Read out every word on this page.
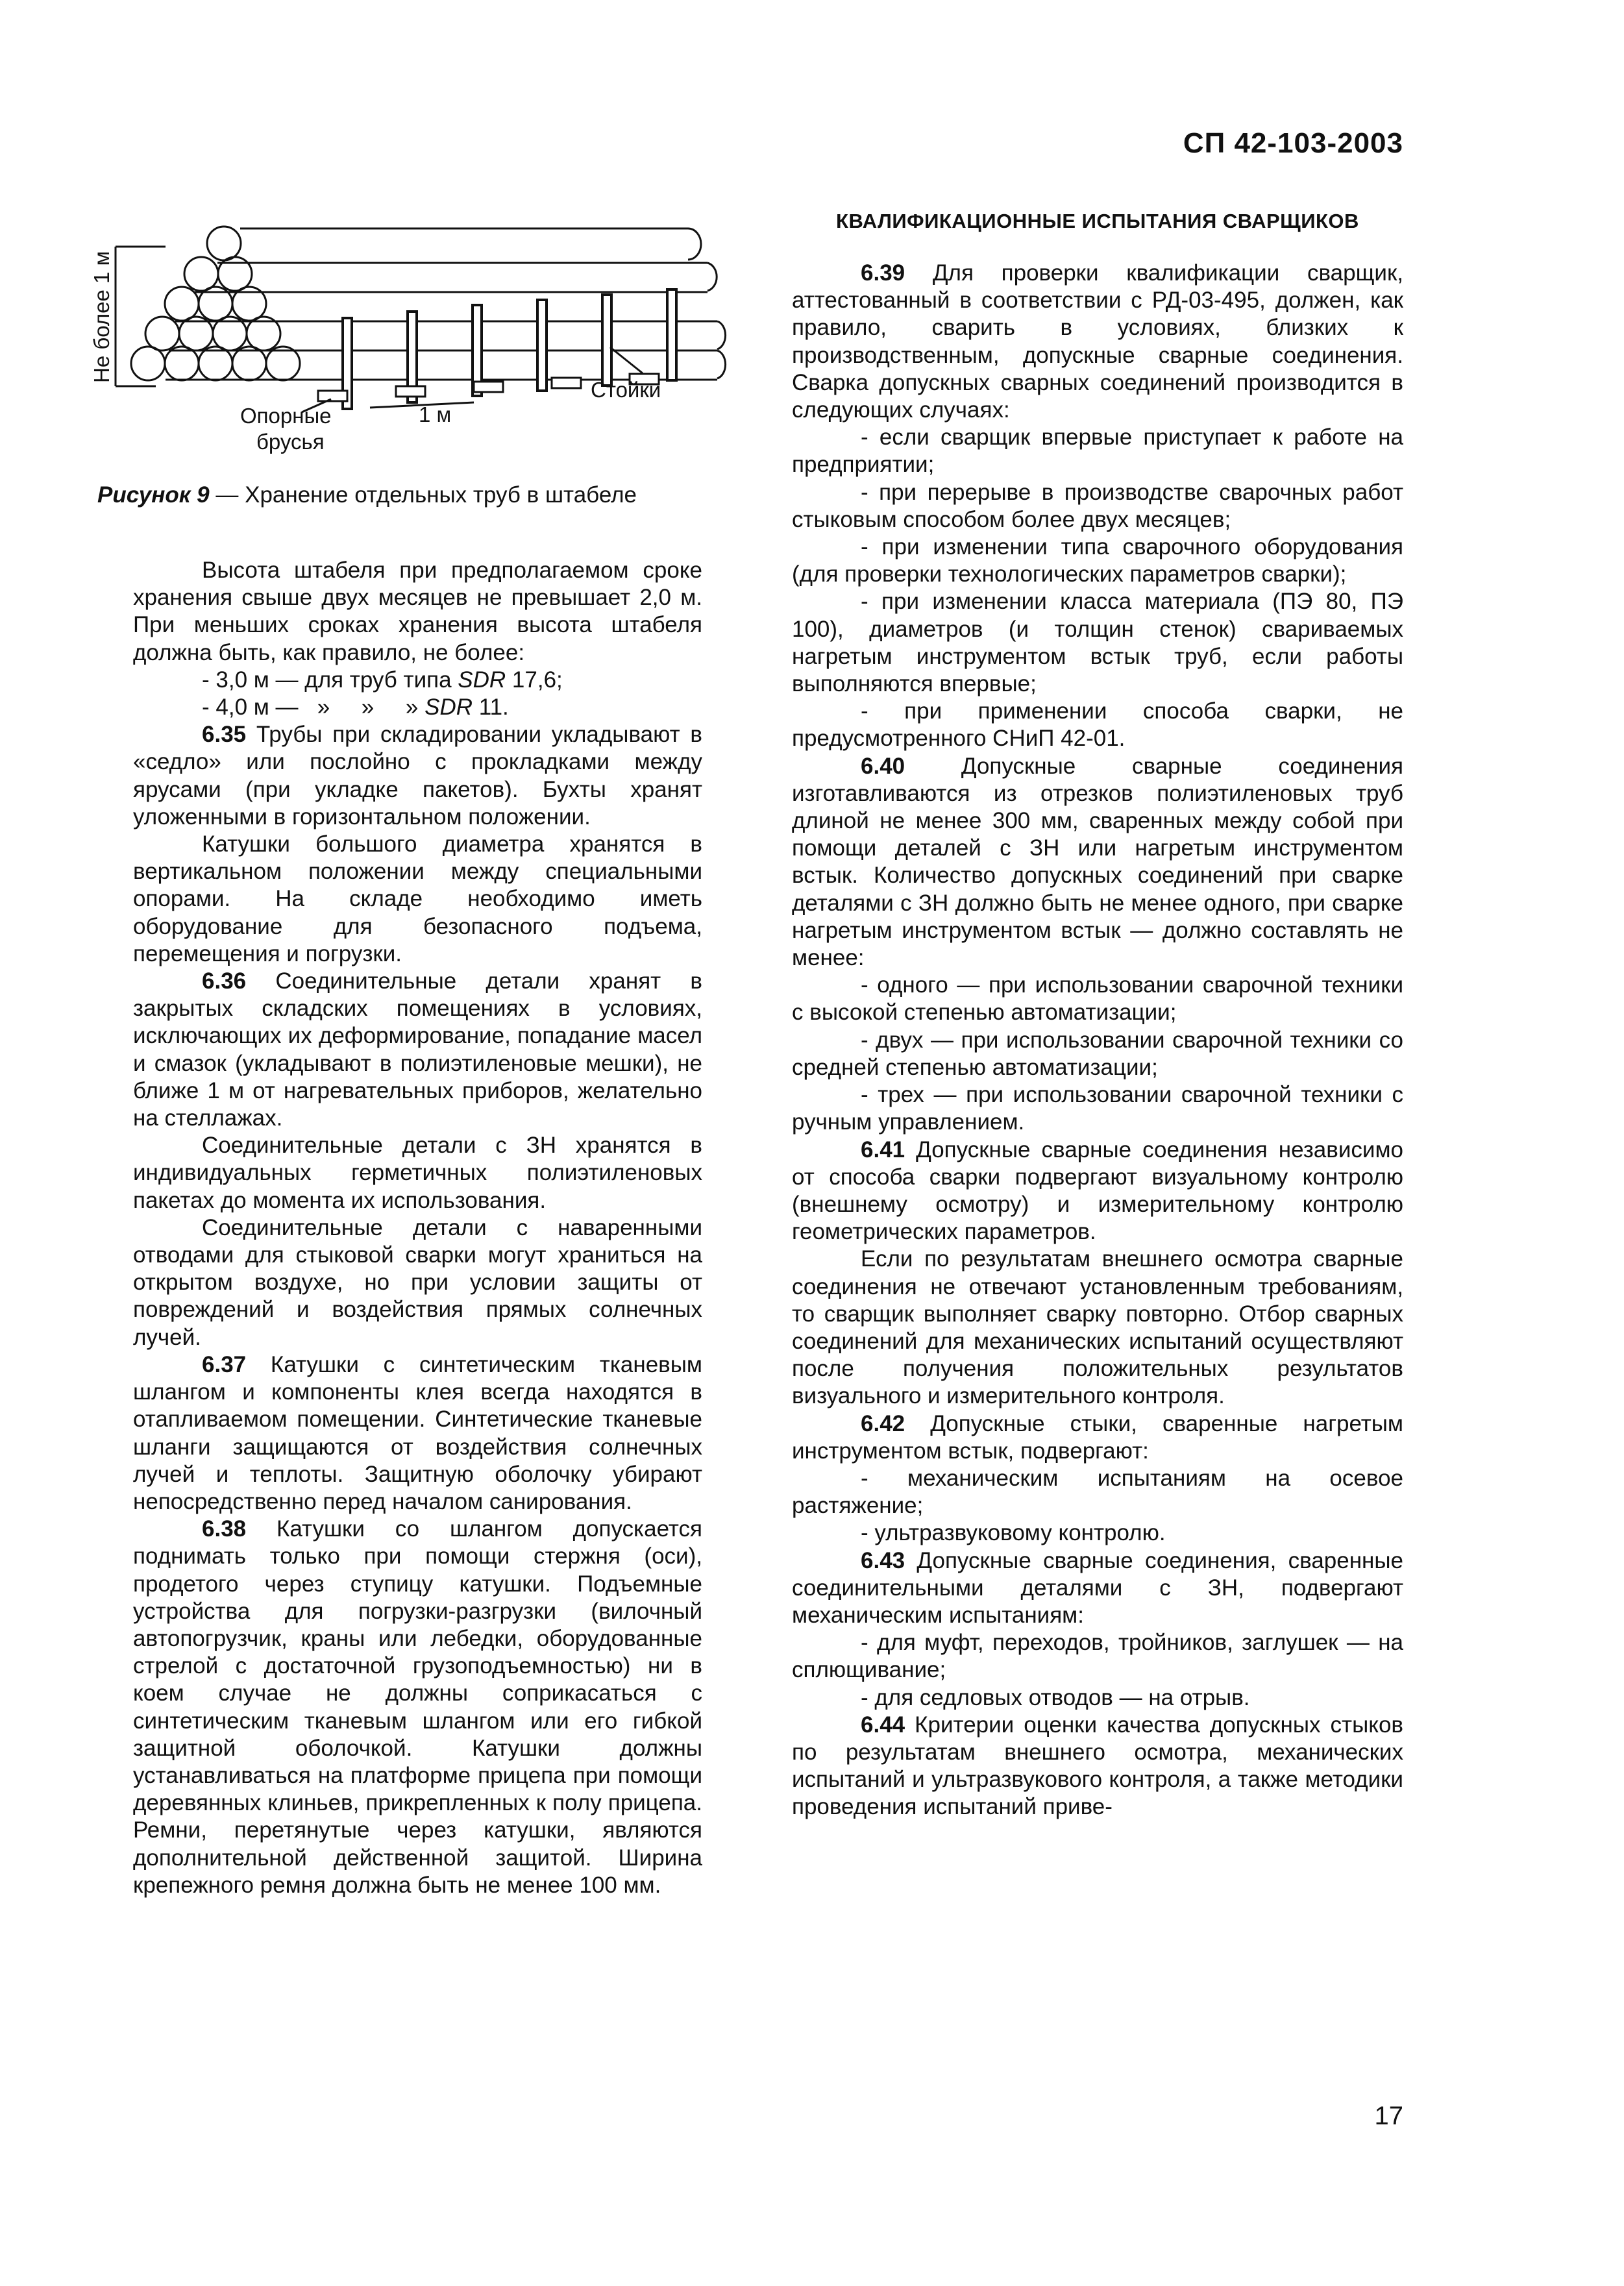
СП 42-103-2003
Не более 1 м
Опорные
брусья
1 м
Стойки
Рисунок 9 — Хранение отдельных труб в штабеле

Высота штабеля при предполагаемом сроке хранения свыше двух месяцев не превышает 2,0 м. При меньших сроках хранения высота штабеля должна быть, как правило, не более:

- 3,0 м — для труб типа SDR 17,6;

- 4,0 м —   »     »     » SDR 11.

6.35 Трубы при складировании укладывают в «седло» или послойно с прокладками между ярусами (при укладке пакетов). Бухты хранят уложенными в горизонтальном положении.

Катушки большого диаметра хранятся в вертикальном положении между специальными опорами. На складе необходимо иметь оборудование для безопасного подъема, перемещения и погрузки.

6.36 Соединительные детали хранят в закрытых складских помещениях в условиях, исключающих их деформирование, попадание масел и смазок (укладывают в полиэтиленовые мешки), не ближе 1 м от нагревательных приборов, желательно на стеллажах.

Соединительные детали с ЗН хранятся в индивидуальных герметичных полиэтиленовых пакетах до момента их использования.

Соединительные детали с наваренными отводами для стыковой сварки могут храниться на открытом воздухе, но при условии защиты от повреждений и воздействия прямых солнечных лучей.

6.37 Катушки с синтетическим тканевым шлангом и компоненты клея всегда находятся в отапливаемом помещении. Синтетические тканевые шланги защищаются от воздействия солнечных лучей и теплоты. Защитную оболочку убирают непосредственно перед началом санирования.

6.38 Катушки со шлангом допускается поднимать только при помощи стержня (оси), продетого через ступицу катушки. Подъемные устройства для погрузки-разгрузки (вилочный автопогрузчик, краны или лебедки, оборудованные стрелой с достаточной грузоподъемностью) ни в коем случае не должны соприкасаться с синтетическим тканевым шлангом или его гибкой защитной оболочкой. Катушки должны устанавливаться на платформе прицепа при помощи деревянных клиньев, прикрепленных к полу прицепа. Ремни, перетянутые через катушки, являются дополнительной действенной защитой. Ширина крепежного ремня должна быть не менее 100 мм.

КВАЛИФИКАЦИОННЫЕ ИСПЫТАНИЯ СВАРЩИКОВ

6.39 Для проверки квалификации сварщик, аттестованный в соответствии с РД-03-495, должен, как правило, сварить в условиях, близких к производственным, допускные сварные соединения. Сварка допускных сварных соединений производится в следующих случаях:

- если сварщик впервые приступает к работе на предприятии;

- при перерыве в производстве сварочных работ стыковым способом более двух месяцев;

- при изменении типа сварочного оборудования (для проверки технологических параметров сварки);

- при изменении класса материала (ПЭ 80, ПЭ 100), диаметров (и толщин стенок) свариваемых нагретым инструментом встык труб, если работы выполняются впервые;

- при применении способа сварки, не предусмотренного СНиП 42-01.

6.40 Допускные сварные соединения изготавливаются из отрезков полиэтиленовых труб длиной не менее 300 мм, сваренных между собой при помощи деталей с ЗН или нагретым инструментом встык. Количество допускных соединений при сварке деталями с ЗН должно быть не менее одного, при сварке нагретым инструментом встык — должно составлять не менее:

- одного — при использовании сварочной техники с высокой степенью автоматизации;

- двух — при использовании сварочной техники со средней степенью автоматизации;

- трех — при использовании сварочной техники с ручным управлением.

6.41 Допускные сварные соединения независимо от способа сварки подвергают визуальному контролю (внешнему осмотру) и измерительному контролю геометрических параметров.

Если по результатам внешнего осмотра сварные соединения не отвечают установленным требованиям, то сварщик выполняет сварку повторно. Отбор сварных соединений для механических испытаний осуществляют после получения положительных результатов визуального и измерительного контроля.

6.42 Допускные стыки, сваренные нагретым инструментом встык, подвергают:

- механическим испытаниям на осевое растяжение;

- ультразвуковому контролю.

6.43 Допускные сварные соединения, сваренные соединительными деталями с ЗН, подвергают механическим испытаниям:

- для муфт, переходов, тройников, заглушек — на сплющивание;

- для седловых отводов — на отрыв.

6.44 Критерии оценки качества допускных стыков по результатам внешнего осмотра, механических испытаний и ультразвукового контроля, а также методики проведения испытаний приве-

17
